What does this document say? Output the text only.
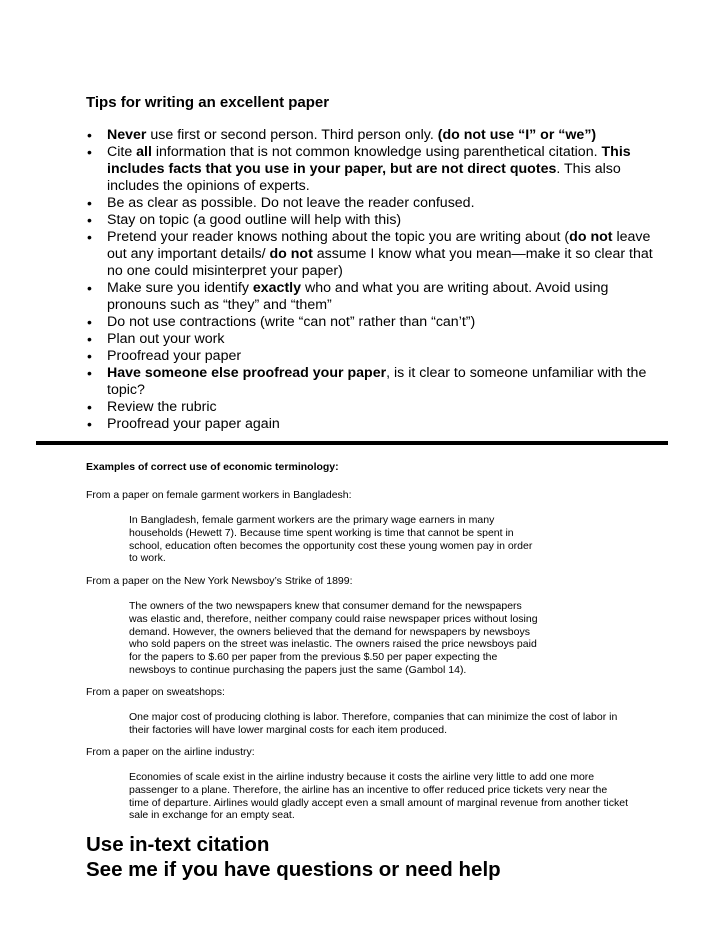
Tips for writing an excellent paper
• Never use first or second person. Third person only. (do not use “I” or “we”)
• Cite all information that is not common knowledge using parenthetical citation. This includes facts that you use in your paper, but are not direct quotes. This also includes the opinions of experts.
• Be as clear as possible. Do not leave the reader confused.
• Stay on topic (a good outline will help with this)
• Pretend your reader knows nothing about the topic you are writing about (do not leave out any important details/ do not assume I know what you mean—make it so clear that no one could misinterpret your paper)
• Make sure you identify exactly who and what you are writing about. Avoid using pronouns such as “they” and “them”
• Do not use contractions (write “can not” rather than “can’t”)
• Plan out your work
• Proofread your paper
• Have someone else proofread your paper, is it clear to someone unfamiliar with the topic?
• Review the rubric
• Proofread your paper again

Examples of correct use of economic terminology:

From a paper on female garment workers in Bangladesh:

In Bangladesh, female garment workers are the primary wage earners in many
households (Hewett 7). Because time spent working is time that cannot be spent in
school, education often becomes the opportunity cost these young women pay in order
to work.

From a paper on the New York Newsboy’s Strike of 1899:

The owners of the two newspapers knew that consumer demand for the newspapers
was elastic and, therefore, neither company could raise newspaper prices without losing
demand. However, the owners believed that the demand for newspapers by newsboys
who sold papers on the street was inelastic. The owners raised the price newsboys paid
for the papers to $.60 per paper from the previous $.50 per paper expecting the
newsboys to continue purchasing the papers just the same (Gambol 14).

From a paper on sweatshops:

One major cost of producing clothing is labor. Therefore, companies that can minimize the cost of labor in
their factories will have lower marginal costs for each item produced.

From a paper on the airline industry:

Economies of scale exist in the airline industry because it costs the airline very little to add one more
passenger to a plane. Therefore, the airline has an incentive to offer reduced price tickets very near the
time of departure. Airlines would gladly accept even a small amount of marginal revenue from another ticket
sale in exchange for an empty seat.

Use in-text citation

See me if you have questions or need help
